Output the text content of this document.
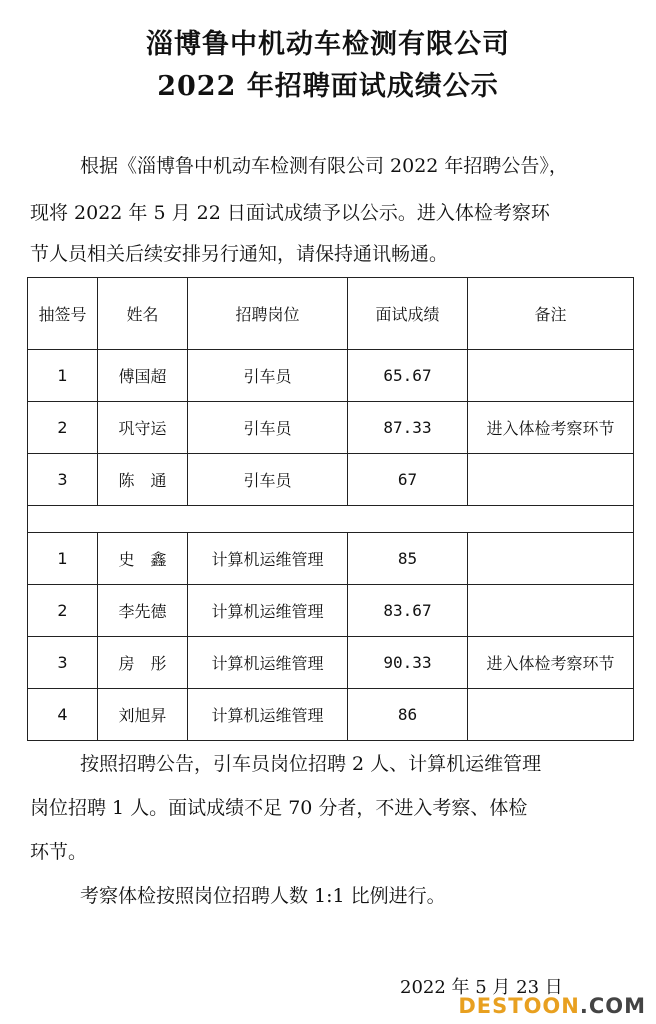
淄博鲁中机动车检测有限公司
2022 年招聘面试成绩公示

根据《淄博鲁中机动车检测有限公司 2022 年招聘公告》，

现将 2022 年 5 月 22 日面试成绩予以公示。进入体检考察环

节人员相关后续安排另行通知，请保持通讯畅通。

抽签号	姓名	招聘岗位	面试成绩	备注
1	傅国超	引车员	65.67	
2	巩守运	引车员	87.33	进入体检考察环节
3	陈　通	引车员	67	

1	史　鑫	计算机运维管理	85	
2	李先德	计算机运维管理	83.67	
3	房　彤	计算机运维管理	90.33	进入体检考察环节
4	刘旭昇	计算机运维管理	86	

按照招聘公告，引车员岗位招聘 2 人、计算机运维管理

岗位招聘 1 人。面试成绩不足 70 分者，不进入考察、体检

环节。

考察体检按照岗位招聘人数 1:1 比例进行。

2022 年 5 月 23 日

DESTOON.COM
